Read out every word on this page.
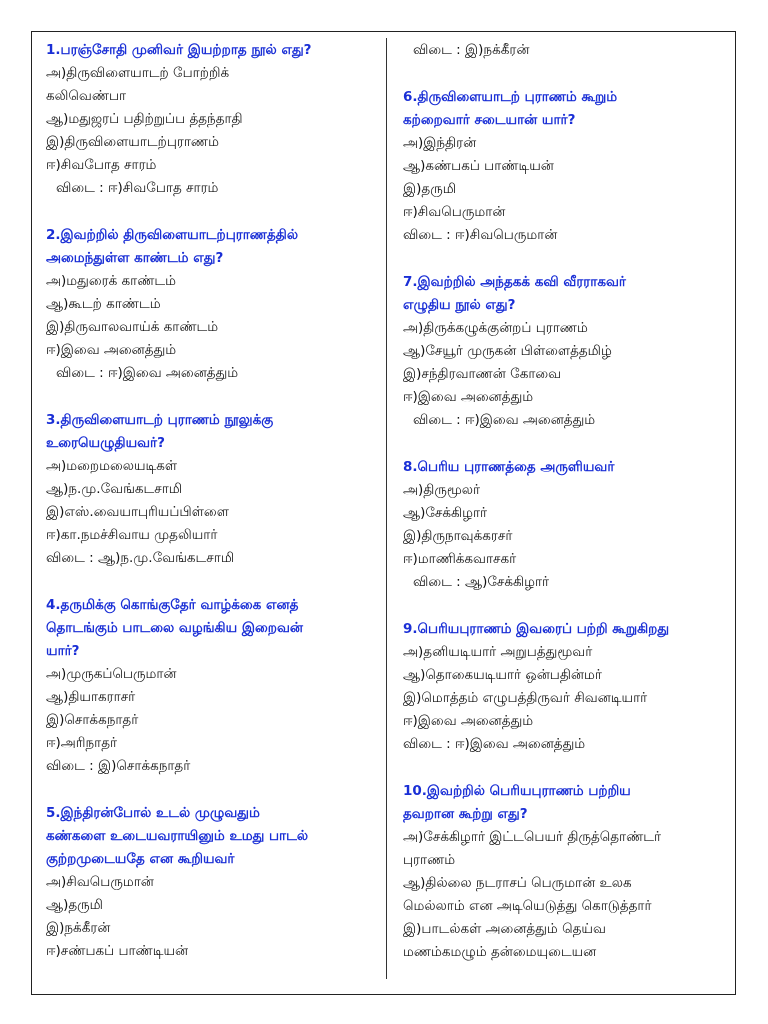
1.பரஞ்சோதி முனிவர் இயற்றாத நூல் எது?
அ)திருவிளையாடற் போற்றிக்
கலிவெண்பா
ஆ)மதுஜரப் பதிற்றுப்ப த்தந்தாதி
இ)திருவிளையாடற்புராணம்
ஈ)சிவபோத சாரம்
விடை : ஈ)சிவபோத சாரம்
2.இவற்றில் திருவிளையாடற்புராணத்தில்
அமைந்துள்ள காண்டம் எது?
அ)மதுரைக் காண்டம்
ஆ)கூடற் காண்டம்
இ)திருவாலவாய்க் காண்டம்
ஈ)இவை அனைத்தும்
விடை : ஈ)இவை அனைத்தும்
3.திருவிளையாடற் புராணம் நூலுக்கு
உரையெழுதியவர்?
அ)மறைமலையடிகள்
ஆ)ந.மு.வேங்கடசாமி
இ)எஸ்.வையாபுரியப்பிள்ளை
ஈ)கா.நமச்சிவாய முதலியார்
விடை : ஆ)ந.மு.வேங்கடசாமி
4.தருமிக்கு கொங்குதேர் வாழ்க்கை எனத்
தொடங்கும் பாடலை வழங்கிய இறைவன்
யார்?
அ)முருகப்பெருமான்
ஆ)தியாகராசர்
இ)சொக்கநாதர்
ஈ)அரிநாதர்
விடை : இ)சொக்கநாதர்
5.இந்திரன்போல் உடல் முழுவதும்
கண்களை உடையவராயினும் உமது பாடல்
குற்றமுடையதே என கூறியவர்
அ)சிவபெருமான்
ஆ)தருமி
இ)நக்கீரன்
ஈ)சண்பகப் பாண்டியன்
விடை : இ)நக்கீரன்
6.திருவிளையாடற் புராணம் கூறும்
கற்றைவார் சடையான் யார்?
அ)இந்திரன்
ஆ)கண்பகப் பாண்டியன்
இ)தருமி
ஈ)சிவபெருமான்
விடை : ஈ)சிவபெருமான்
7.இவற்றில் அந்தகக் கவி வீரராகவர்
எழுதிய நூல் எது?
அ)திருக்கழுக்குன்றப் புராணம்
ஆ)சேயூர் முருகன் பிள்ளைத்தமிழ்
இ)சந்திரவாணன் கோவை
ஈ)இவை அனைத்தும்
விடை : ஈ)இவை அனைத்தும்
8.பெரிய புராணத்தை அருளியவர்
அ)திருமூலர்
ஆ)சேக்கிழார்
இ)திருநாவுக்கரசர்
ஈ)மாணிக்கவாசகர்
விடை : ஆ)சேக்கிழார்
9.பெரியபுராணம் இவரைப் பற்றி கூறுகிறது
அ)தனியடியார் அறுபத்துமூவர்
ஆ)தொகையடியார் ஒன்பதின்மர்
இ)மொத்தம் எழுபத்திருவர் சிவனடியார்
ஈ)இவை அனைத்தும்
விடை : ஈ)இவை அனைத்தும்
10.இவற்றில் பெரியபுராணம் பற்றிய
தவறான கூற்று எது?
அ)சேக்கிழார் இட்டபெயர் திருத்தொண்டர்
புராணம்
ஆ)தில்லை நடராசப் பெருமான் உலக
மெல்லாம் என அடியெடுத்து கொடுத்தார்
இ)பாடல்கள் அனைத்தும் தெய்வ
மணம்கமழும் தன்மையுடையன
